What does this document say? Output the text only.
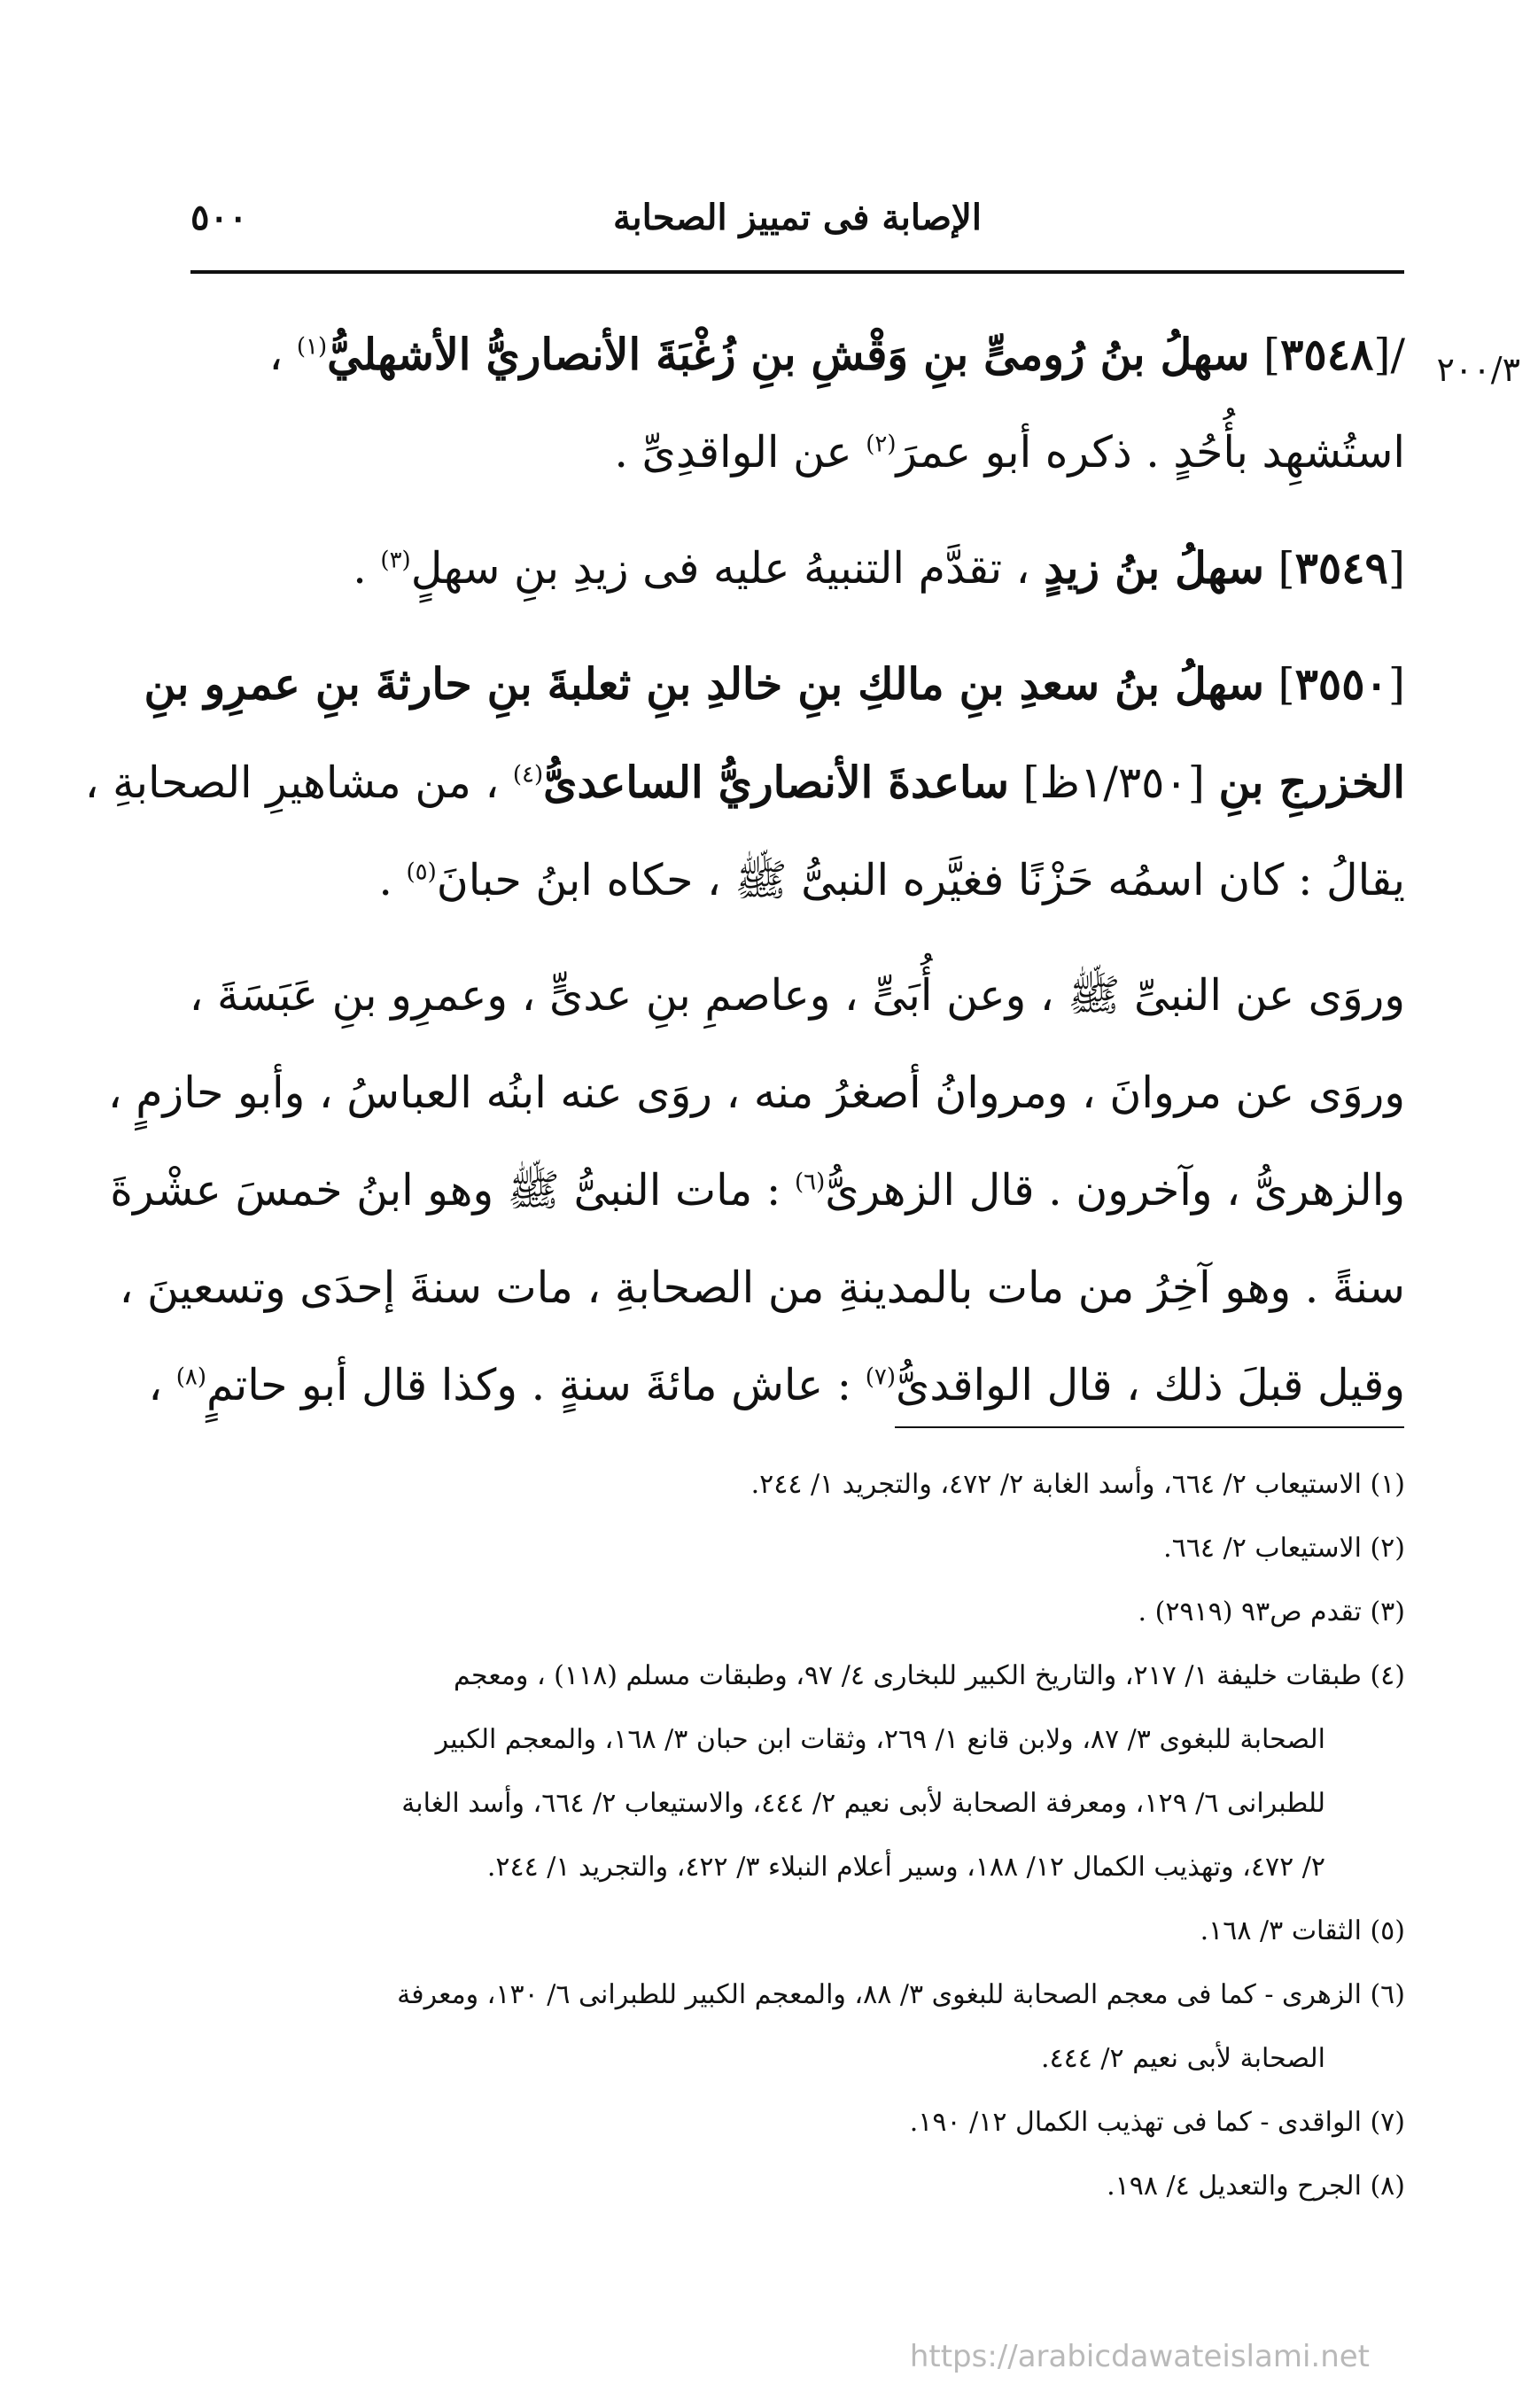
٥٠٠	الإصابة فى تمييز الصحابة
٢٠٠/٣
/[٣٥٤٨] سهلُ بنُ رُومىٍّ بنِ وَقْشِ بنِ زُغْبَةَ الأنصاريُّ الأشهليُّ$^{(١)}$ ،
استُشهِد بأُحُدٍ . ذكره أبو عمرَ$^{(٢)}$ عن الواقدِىِّ .
[٣٥٤٩] سهلُ بنُ زيدٍ ، تقدَّم التنبيهُ عليه فى زيدِ بنِ سهلٍ$^{(٣)}$ .
[٣٥٥٠] سهلُ بنُ سعدِ بنِ مالكِ بنِ خالدِ بنِ ثعلبةَ بنِ حارثةَ بنِ عمرِو بنِ
الخزرجِ بنِ [١/٣٥٠ظ] ساعدةَ الأنصاريُّ الساعدىُّ$^{(٤)}$ ، من مشاهيرِ الصحابةِ ،
يقالُ : كان اسمُه حَزْنًا فغيَّره النبىُّ ﷺ ، حكاه ابنُ حبانَ$^{(٥)}$ .
وروَى عن النبىِّ ﷺ ، وعن أُبَىٍّ ، وعاصمِ بنِ عدىٍّ ، وعمرِو بنِ عَبَسَةَ ،
وروَى عن مروانَ ، ومروانُ أصغرُ منه ، روَى عنه ابنُه العباسُ ، وأبو حازمٍ ،
والزهرىُّ ، وآخرون . قال الزهرىُّ$^{(٦)}$ : مات النبىُّ ﷺ وهو ابنُ خمسَ عشْرةَ
سنةً . وهو آخِرُ من مات بالمدينةِ من الصحابةِ ، مات سنةَ إحدَى وتسعينَ ،
وقيل قبلَ ذلك ، قال الواقدىُّ$^{(٧)}$ : عاش مائةَ سنةٍ . وكذا قال أبو حاتمٍ$^{(٨)}$ ،
(١) الاستيعاب ٢/ ٦٦٤، وأسد الغابة ٢/ ٤٧٢، والتجريد ١/ ٢٤٤.
(٢) الاستيعاب ٢/ ٦٦٤.
(٣) تقدم ص٩٣ (٢٩١٩) .
(٤) طبقات خليفة ١/ ٢١٧، والتاريخ الكبير للبخارى ٤/ ٩٧، وطبقات مسلم (١١٨) ، ومعجم
الصحابة للبغوى ٣/ ٨٧، ولابن قانع ١/ ٢٦٩، وثقات ابن حبان ٣/ ١٦٨، والمعجم الكبير
للطبرانى ٦/ ١٢٩، ومعرفة الصحابة لأبى نعيم ٢/ ٤٤٤، والاستيعاب ٢/ ٦٦٤، وأسد الغابة
٢/ ٤٧٢، وتهذيب الكمال ١٢/ ١٨٨، وسير أعلام النبلاء ٣/ ٤٢٢، والتجريد ١/ ٢٤٤.
(٥) الثقات ٣/ ١٦٨.
(٦) الزهرى - كما فى معجم الصحابة للبغوى ٣/ ٨٨، والمعجم الكبير للطبرانى ٦/ ١٣٠، ومعرفة
الصحابة لأبى نعيم ٢/ ٤٤٤.
(٧) الواقدى - كما فى تهذيب الكمال ١٢/ ١٩٠.
(٨) الجرح والتعديل ٤/ ١٩٨.
https://arabicdawateislami.net
